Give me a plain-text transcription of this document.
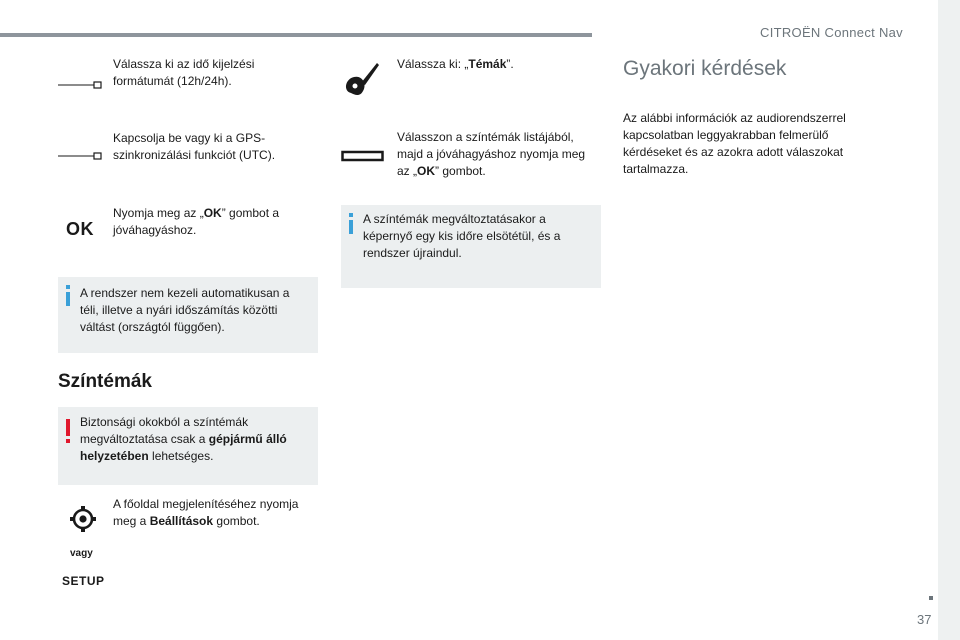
CITROËN Connect Nav
Válassza ki az idő kijelzési formátumát (12h/24h).
Kapcsolja be vagy ki a GPS-szinkronizálási funkciót (UTC).
OK
Nyomja meg az „OK” gombot a jóváhagyáshoz.
A rendszer nem kezeli automatikusan a téli, illetve a nyári időszámítás közötti váltást (országtól függően).
Színtémák
Biztonsági okokból a színtémák megváltoztatása csak a gépjármű álló helyzetében lehetséges.
A főoldal megjelenítéséhez nyomja meg a Beállítások gombot.
vagy
SETUP
Válassza ki: „Témák”.
Válasszon a színtémák listájából, majd a jóváhagyáshoz nyomja meg az „OK” gombot.
A színtémák megváltoztatásakor a képernyő egy kis időre elsötétül, és a rendszer újraindul.
Gyakori kérdések
Az alábbi információk az audiorendszerrel kapcsolatban leggyakrabban felmerülő kérdéseket és az azokra adott válaszokat tartalmazza.
37
